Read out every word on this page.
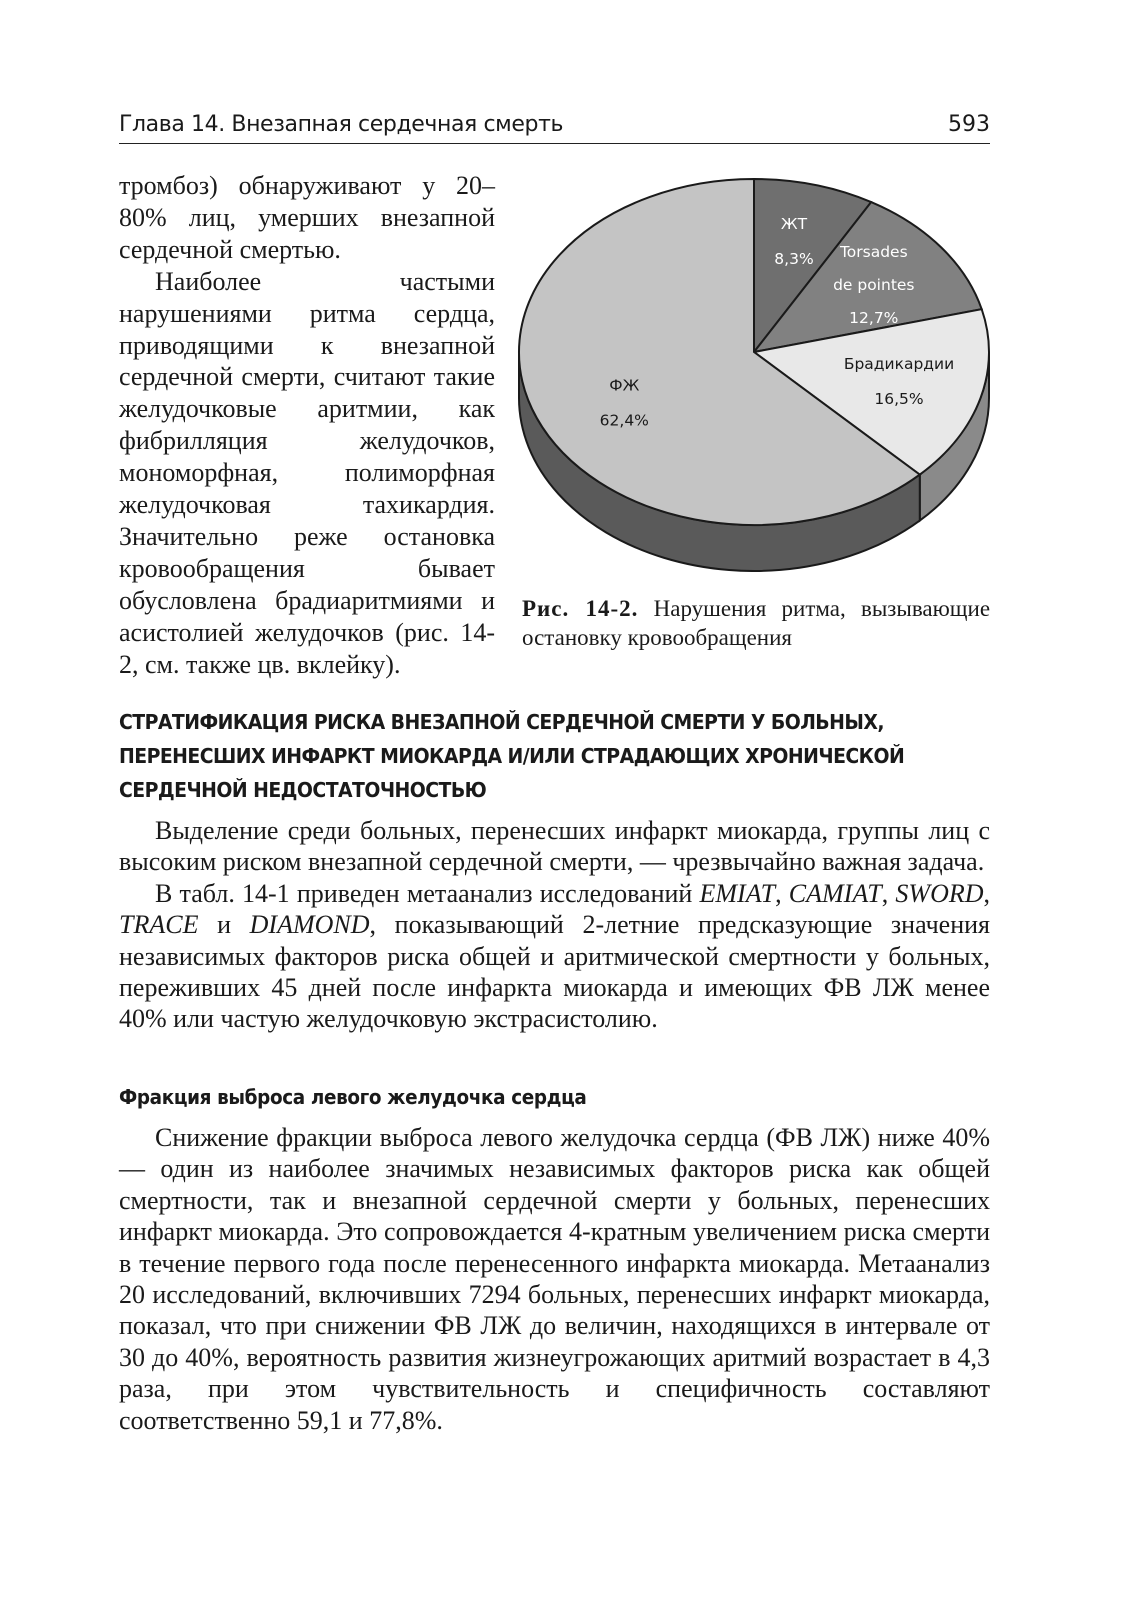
Глава 14. Внезапная сердечная смерть	593

тромбоз) обнаруживают у 20–80% лиц, умерших внезапной сердечной смертью.

Наиболее частыми нарушениями ритма сердца, приводящими к внезапной сердечной смерти, считают такие желудочковые аритмии, как фибрилляция желудочков, мономорфная, полиморфная желудочковая тахикардия. Значительно реже остановка кровообращения бывает обусловлена брадиаритмиями и асистолией желудочков (рис. 14-2, см. также цв. вклейку).

ЖТ
8,3% Torsades
de pointes
12,7%
Брадикардии
16,5%
ФЖ
62,4%
Рис. 14-2. Нарушения ритма, вызывающие остановку кровообращения
СТРАТИФИКАЦИЯ РИСКА ВНЕЗАПНОЙ СЕРДЕЧНОЙ СМЕРТИ У БОЛЬНЫХ,
ПЕРЕНЕСШИХ ИНФАРКТ МИОКАРДА И/ИЛИ СТРАДАЮЩИХ ХРОНИЧЕСКОЙ
СЕРДЕЧНОЙ НЕДОСТАТОЧНОСТЬЮ

Выделение среди больных, перенесших инфаркт миокарда, группы лиц с высоким риском внезапной сердечной смерти, — чрезвычайно важная задача.

В табл. 14-1 приведен метаанализ исследований EMIAT, CAMIAT, SWORD, TRACE и DIAMOND, показывающий 2-летние предсказующие значения независимых факторов риска общей и аритмической смертности у больных, переживших 45 дней после инфаркта миокарда и имеющих ФВ ЛЖ менее 40% или частую желудочковую экстрасистолию.

Фракция выброса левого желудочка сердца

Снижение фракции выброса левого желудочка сердца (ФВ ЛЖ) ниже 40% — один из наиболее значимых независимых факторов риска как общей смертности, так и внезапной сердечной смерти у больных, перенесших инфаркт миокарда. Это сопровождается 4-кратным увеличением риска смерти в течение первого года после перенесенного инфаркта миокарда. Метаанализ 20 исследований, включивших 7294 больных, перенесших инфаркт миокарда, показал, что при снижении ФВ ЛЖ до величин, находящихся в интервале от 30 до 40%, вероятность развития жизнеугрожающих аритмий возрастает в 4,3 раза, при этом чувствительность и специфичность составляют соответственно 59,1 и 77,8%.
